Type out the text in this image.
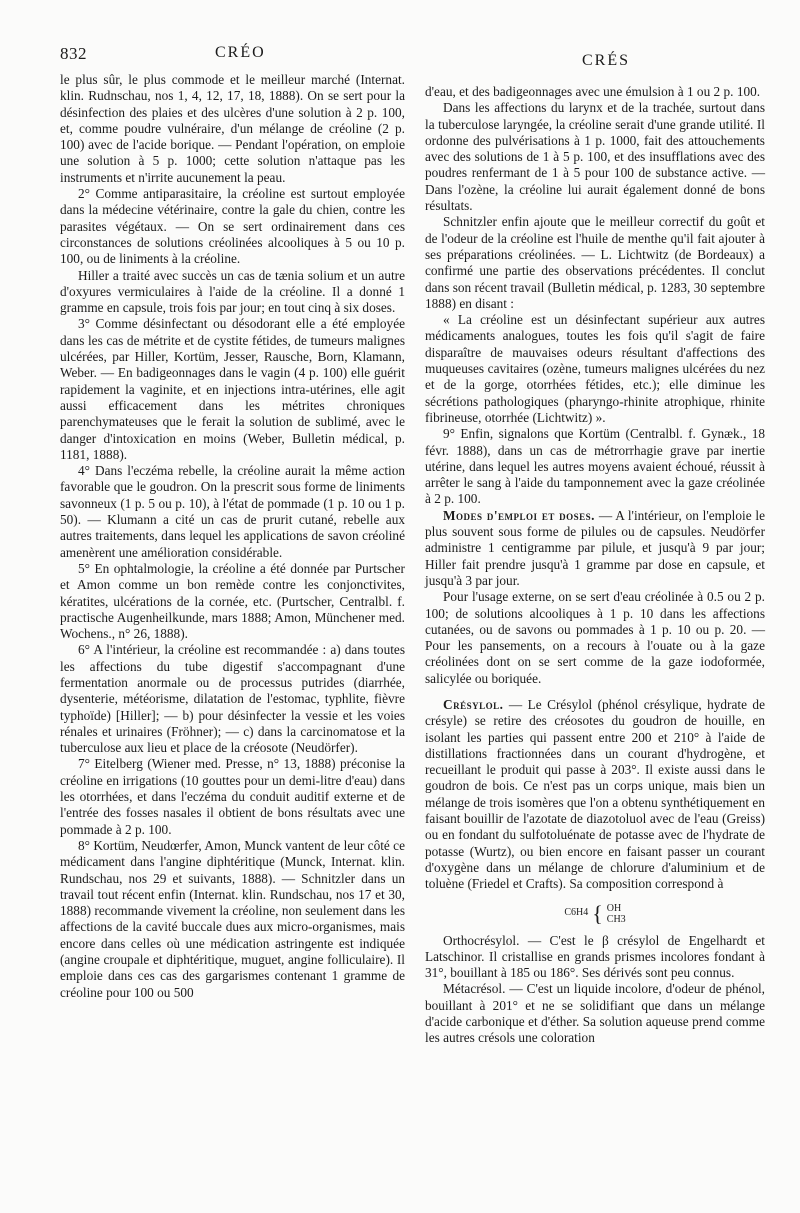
832	CRÉO	CRÉS

le plus sûr, le plus commode et le meilleur marché (Internat. klin. Rudnschau, nos 1, 4, 12, 17, 18, 1888). On se sert pour la désinfection des plaies et des ulcères d'une solution à 2 p. 100, et, comme poudre vulnéraire, d'un mélange de créoline (2 p. 100) avec de l'acide borique. — Pendant l'opération, on emploie une solution à 5 p. 1000; cette solution n'attaque pas les instruments et n'irrite aucunement la peau.

2° Comme antiparasitaire, la créoline est surtout employée dans la médecine vétérinaire, contre la gale du chien, contre les parasites végétaux. — On se sert ordinairement dans ces circonstances de solutions créolinées alcooliques à 5 ou 10 p. 100, ou de liniments à la créoline.

Hiller a traité avec succès un cas de tænia solium et un autre d'oxyures vermiculaires à l'aide de la créoline. Il a donné 1 gramme en capsule, trois fois par jour; en tout cinq à six doses.

3° Comme désinfectant ou désodorant elle a été employée dans les cas de métrite et de cystite fétides, de tumeurs malignes ulcérées, par Hiller, Kortüm, Jesser, Rausche, Born, Klamann, Weber. — En badigeonnages dans le vagin (4 p. 100) elle guérit rapidement la vaginite, et en injections intra-utérines, elle agit aussi efficacement dans les métrites chroniques parenchymateuses que le ferait la solution de sublimé, avec le danger d'intoxication en moins (Weber, Bulletin médical, p. 1181, 1888).

4° Dans l'eczéma rebelle, la créoline aurait la même action favorable que le goudron. On la prescrit sous forme de liniments savonneux (1 p. 5 ou p. 10), à l'état de pommade (1 p. 10 ou 1 p. 50). — Klumann a cité un cas de prurit cutané, rebelle aux autres traitements, dans lequel les applications de savon créoliné amenèrent une amélioration considérable.

5° En ophtalmologie, la créoline a été donnée par Purtscher et Amon comme un bon remède contre les conjonctivites, kératites, ulcérations de la cornée, etc. (Purtscher, Centralbl. f. practische Augenheilkunde, mars 1888; Amon, Münchener med. Wochens., n° 26, 1888).

6° A l'intérieur, la créoline est recommandée : a) dans toutes les affections du tube digestif s'accompagnant d'une fermentation anormale ou de processus putrides (diarrhée, dysenterie, météorisme, dilatation de l'estomac, typhlite, fièvre typhoïde) [Hiller]; — b) pour désinfecter la vessie et les voies rénales et urinaires (Fröhner); — c) dans la carcinomatose et la tuberculose aux lieu et place de la créosote (Neudörfer).

7° Eitelberg (Wiener med. Presse, n° 13, 1888) préconise la créoline en irrigations (10 gouttes pour un demi-litre d'eau) dans les otorrhées, et dans l'eczéma du conduit auditif externe et de l'entrée des fosses nasales il obtient de bons résultats avec une pommade à 2 p. 100.

8° Kortüm, Neudœrfer, Amon, Munck vantent de leur côté ce médicament dans l'angine diphtéritique (Munck, Internat. klin. Rundschau, nos 29 et suivants, 1888). — Schnitzler dans un travail tout récent enfin (Internat. klin. Rundschau, nos 17 et 30, 1888) recommande vivement la créoline, non seulement dans les affections de la cavité buccale dues aux micro-organismes, mais encore dans celles où une médication astringente est indiquée (angine croupale et diphtéritique, muguet, angine folliculaire). Il emploie dans ces cas des gargarismes contenant 1 gramme de créoline pour 100 ou 500

d'eau, et des badigeonnages avec une émulsion à 1 ou 2 p. 100.

Dans les affections du larynx et de la trachée, surtout dans la tuberculose laryngée, la créoline serait d'une grande utilité. Il ordonne des pulvérisations à 1 p. 1000, fait des attouchements avec des solutions de 1 à 5 p. 100, et des insufflations avec des poudres renfermant de 1 à 5 pour 100 de substance active. — Dans l'ozène, la créoline lui aurait également donné de bons résultats.

Schnitzler enfin ajoute que le meilleur correctif du goût et de l'odeur de la créoline est l'huile de menthe qu'il fait ajouter à ses préparations créolinées. — L. Lichtwitz (de Bordeaux) a confirmé une partie des observations précédentes. Il conclut dans son récent travail (Bulletin médical, p. 1283, 30 septembre 1888) en disant :

« La créoline est un désinfectant supérieur aux autres médicaments analogues, toutes les fois qu'il s'agit de faire disparaître de mauvaises odeurs résultant d'affections des muqueuses cavitaires (ozène, tumeurs malignes ulcérées du nez et de la gorge, otorrhées fétides, etc.); elle diminue les sécrétions pathologiques (pharyngo-rhinite atrophique, rhinite fibrineuse, otorrhée (Lichtwitz) ».

9° Enfin, signalons que Kortüm (Centralbl. f. Gynæk., 18 févr. 1888), dans un cas de métrorrhagie grave par inertie utérine, dans lequel les autres moyens avaient échoué, réussit à arrêter le sang à l'aide du tamponnement avec la gaze créolinée à 2 p. 100.

Modes d'emploi et doses. — A l'intérieur, on l'emploie le plus souvent sous forme de pilules ou de capsules. Neudörfer administre 1 centigramme par pilule, et jusqu'à 9 par jour; Hiller fait prendre jusqu'à 1 gramme par dose en capsule, et jusqu'à 3 par jour.

Pour l'usage externe, on se sert d'eau créolinée à 0.5 ou 2 p. 100; de solutions alcooliques à 1 p. 10 dans les affections cutanées, ou de savons ou pommades à 1 p. 10 ou p. 20. — Pour les pansements, on a recours à l'ouate ou à la gaze créolinées dont on se sert comme de la gaze iodoformée, salicylée ou boriquée.

Crésylol. — Le Crésylol (phénol crésylique, hydrate de crésyle) se retire des créosotes du goudron de houille, en isolant les parties qui passent entre 200 et 210° à l'aide de distillations fractionnées dans un courant d'hydrogène, et recueillant le produit qui passe à 203°. Il existe aussi dans le goudron de bois. Ce n'est pas un corps unique, mais bien un mélange de trois isomères que l'on a obtenu synthétiquement en faisant bouillir de l'azotate de diazotoluol avec de l'eau (Greiss) ou en fondant du sulfotoluénate de potasse avec de l'hydrate de potasse (Wurtz), ou bien encore en faisant passer un courant d'oxygène dans un mélange de chlorure d'aluminium et de toluène (Friedel et Crafts). Sa composition correspond à

C6H4 { OH
CH3

Orthocrésylol. — C'est le β crésylol de Engelhardt et Latschinor. Il cristallise en grands prismes incolores fondant à 31°, bouillant à 185 ou 186°. Ses dérivés sont peu connus.

Métacrésol. — C'est un liquide incolore, d'odeur de phénol, bouillant à 201° et ne se solidifiant que dans un mélange d'acide carbonique et d'éther. Sa solution aqueuse prend comme les autres crésols une coloration
